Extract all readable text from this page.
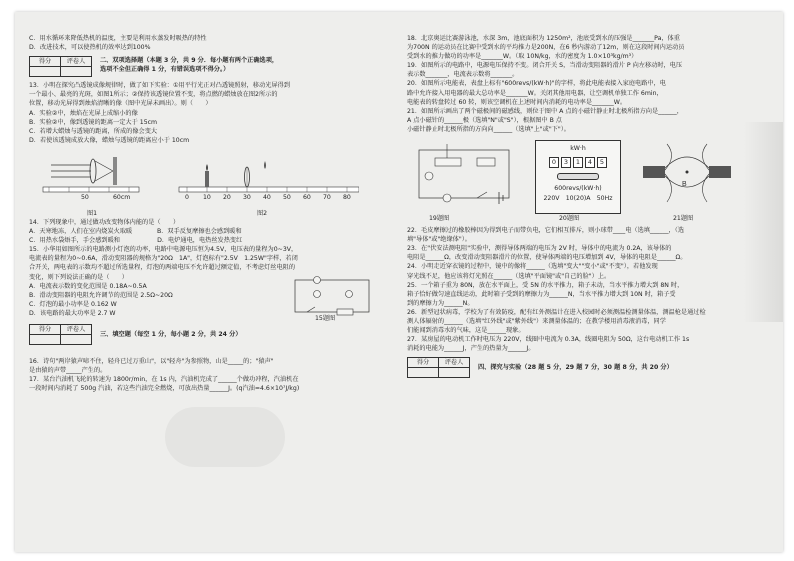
C．用水循环来降低热机的温度，主要是利用水蒸发时吸热的特性
D．改进技术，可以使热机的效率达到100%
得分	评卷人
	二、双项选择题（本题 3 分，共 9 分．每小题有两个正确选项，
选项不全但正确得 1 分，有错误选项不得分。）
13．小明在探究凸透镜成像规律时，做了如下实验：①用平行光正对凸透镜照射，移动光屏得到
一个最小、最亮的光斑，如图1所示；②保持该透镜位置不变，将点燃的蜡烛放在图2所示的
位置，移动光屏得到烛焰清晰的像（图中光屏未画出）。则（　　）
A．实验②中，烛焰在光屏上成缩小的像
B．实验②中，像到透镜的距离一定大于 15cm
C．若增大蜡烛与透镜的距离，所成的像会变大
D．若使该透镜成放大像，蜡烛与透镜的距离应小于 10cm
50	60cm	0 10 20 30 40 50 60 70 80
图1	图2
14．下列现象中，通过做功改变物体内能的是（　　）
A．天寒地冻，人们在室内烧炭火取暖　　　　B．双手反复摩擦也会感到暖和
C．用热水袋焐手，手会感到暖和　　　　　　D．电炉通电，电热丝发热变红
15．小华用如图所示的电路测小灯泡的功率，电路中电源电压恒为4.5V，电压表的量程为0~3V，
电流表的量程为0~0.6A，滑动变阻器的规格为"20Ω　1A"，灯泡标有"2.5V　1.25W"字样，若闭
合开关，两电表的示数均不超过所选量程，灯泡的两端电压不允许超过额定值，不考虑灯丝电阻的
变化，则下列说法正确的是（　　）
A．电流表示数的变化范围是 0.18A~0.5A
B．滑动变阻器的电阻允许调节的范围是 2.5Ω~20Ω
C．灯泡的最小功率是 0.162 W
D．该电路的最大功率是 2.7 W
15题图
得分	评卷人

三、填空题（每空 1 分，每小题 2 分，共 24 分）
16．诗句"两岸猿声啼不住，轻舟已过万重山"，以"轻舟"为参照物，山是_____的；"猿声"
是由猿的声带_____产生的。
17．某台汽油机飞轮的转速为 1800r/min，在 1s 内，汽油机完成了______个做功冲程，汽油机在
一段时间内消耗了 500g 汽油，若这些汽油完全燃烧，可放出热量______J。(q汽油=4.6×10⁷J/kg)
18．北京奥运比赛游泳池，水深 3m，池底面积为 1250m²，池底受到水的压强是_______Pa，体重
为700N 的运动员在比赛中受到水的平均推力是200N，在6 秒内游动了12m，则在这段时间内运动员
受到水的推力做功的功率是_______W。（取 10N/kg，水的密度为 1.0×10³kg/m³）
19．如图所示的电路中，电源电压保持不变。闭合开关 S，当滑动变阻器的滑片 P 向左移动时，电压
表示数_______，电流表示数将_______。
20．如图所示电能表，表盘上标有"600revs/(kW·h)"的字样，将此电能表接入家庭电路中，电
路中允许接入用电器的最大总功率是_______W。关闭其他用电器，让空调机单独工作 6min，
电能表的转盘转过 60 转，则该空调机在上述时间内消耗的电功率是_______W。
21．如图所示画出了两个磁极间的磁感线，则位于图中 A 点的小磁针静止时北极所指方向是______，
A 点小磁针的______极（选填"N"或"S"），根据图中 B 点
小磁针静止时北极所指的方向向______（选填"上"或"下"）。
kW·h
0	3	1	4	5
600revs/(kW·h)
220V　10(20)A　50Hz
B
19题图	20题图	21题图
22．毛皮摩擦过的橡胶棒因为得到电子而带负电，它们相互排斥，则小球带____电（选填______，（选
填"导体"或"绝缘体"）。
23．在"伏安法测电阻"实验中，测得导体两端的电压为 2V 时，导体中的电流为 0.2A，该导体的
电阻是______Ω，改变滑动变阻器滑片的位置，使导体两端的电压增加到 4V，导体的电阻是______Ω。
24．小明走近穿衣镜的过程中，镜中的像将______（选填"变大""变小"或"不变"），若他发现
穿光线不足，他应该将灯光照在______（选填"平面镜"或"自己的脸"）上。
25．一个箱子重为 80N，放在水平面上，受 5N 的水平推力，箱子未动，当水平推力增大到 8N 时，
箱子恰好做匀速直线运动，此时箱子受到的摩擦力为______N，当水平推力增大到 10N 时，箱子受
到的摩擦力为______N。
26．新型冠状病毒，学校为了有效防疫，配有红外测温计在进入校园时必须测温检测量体温，测温枪是通过检
测人体辐射的______（选填"红外线"或"紫外线"）来测量体温的；在教学楼用消毒液消毒，同学
们能闻到消毒水的气味，这是______现象。
27．某房屋的电动机工作时电压为 220V，线圈中电流为 0.3A，线圈电阻为 50Ω，这台电动机工作 1s
消耗的电能为______J，产生的热量为______J。
得分	评卷人

四、探究与实验（28 题 5 分，29 题 7 分，30 题 8 分，共 20 分）
